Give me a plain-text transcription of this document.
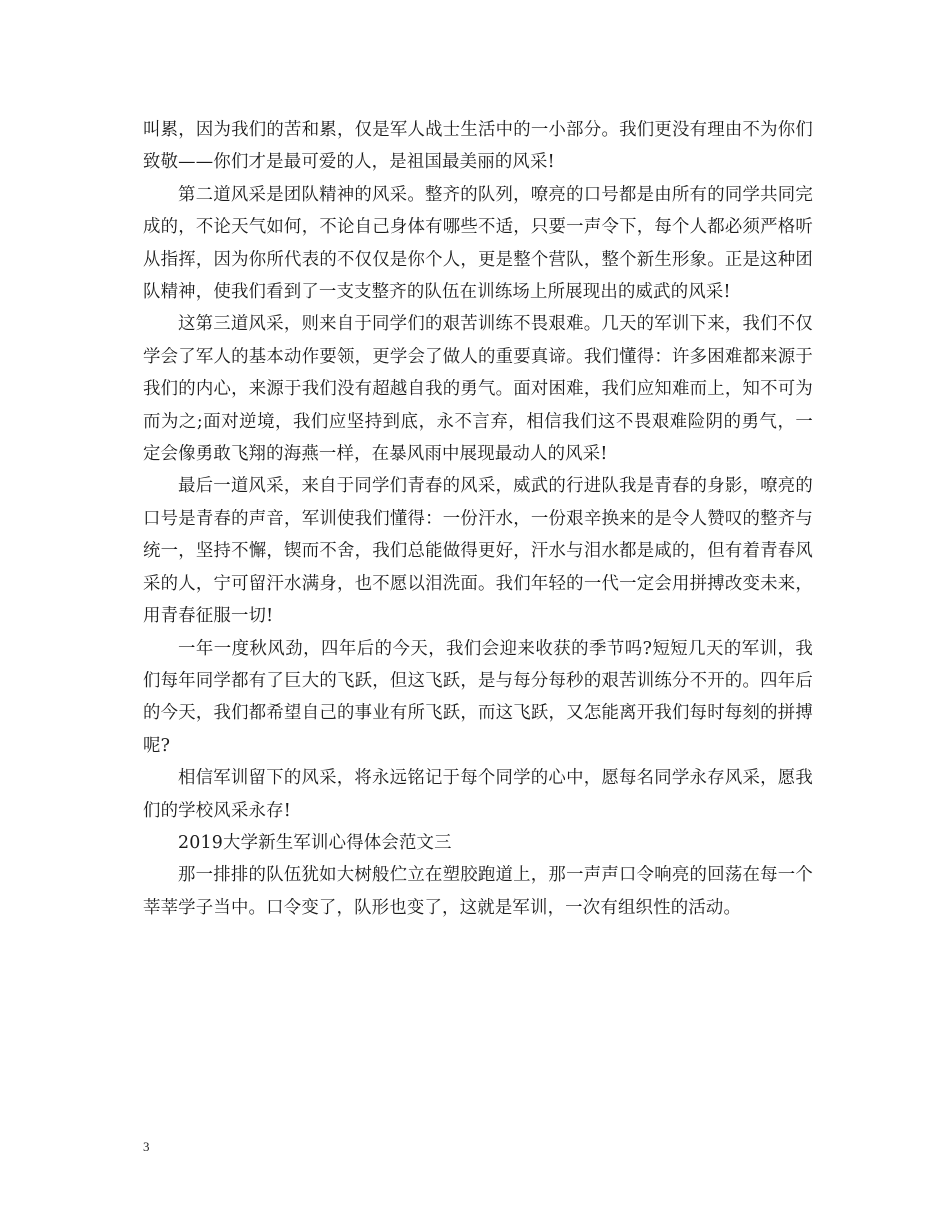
叫累，因为我们的苦和累，仅是军人战士生活中的一小部分。我们更没有理由不为你们致敬——你们才是最可爱的人，是祖国最美丽的风采!

第二道风采是团队精神的风采。整齐的队列，嘹亮的口号都是由所有的同学共同完成的，不论天气如何，不论自己身体有哪些不适，只要一声令下，每个人都必须严格听从指挥，因为你所代表的不仅仅是你个人，更是整个营队，整个新生形象。正是这种团队精神，使我们看到了一支支整齐的队伍在训练场上所展现出的威武的风采!

这第三道风采，则来自于同学们的艰苦训练不畏艰难。几天的军训下来，我们不仅学会了军人的基本动作要领，更学会了做人的重要真谛。我们懂得：许多困难都来源于我们的内心，来源于我们没有超越自我的勇气。面对困难，我们应知难而上，知不可为而为之;面对逆境，我们应坚持到底，永不言弃，相信我们这不畏艰难险阴的勇气，一定会像勇敢飞翔的海燕一样，在暴风雨中展现最动人的风采!

最后一道风采，来自于同学们青春的风采，威武的行进队我是青春的身影，嘹亮的口号是青春的声音，军训使我们懂得：一份汗水，一份艰辛换来的是令人赞叹的整齐与统一，坚持不懈，锲而不舍，我们总能做得更好，汗水与泪水都是咸的，但有着青春风采的人，宁可留汗水满身，也不愿以泪洗面。我们年轻的一代一定会用拼搏改变未来，用青春征服一切!

一年一度秋风劲，四年后的今天，我们会迎来收获的季节吗?短短几天的军训，我们每年同学都有了巨大的飞跃，但这飞跃，是与每分每秒的艰苦训练分不开的。四年后的今天，我们都希望自己的事业有所飞跃，而这飞跃，又怎能离开我们每时每刻的拼搏呢?

相信军训留下的风采，将永远铭记于每个同学的心中，愿每名同学永存风采，愿我们的学校风采永存!

2019大学新生军训心得体会范文三

那一排排的队伍犹如大树般伫立在塑胶跑道上，那一声声口令响亮的回荡在每一个莘莘学子当中。口令变了，队形也变了，这就是军训，一次有组织性的活动。

3
